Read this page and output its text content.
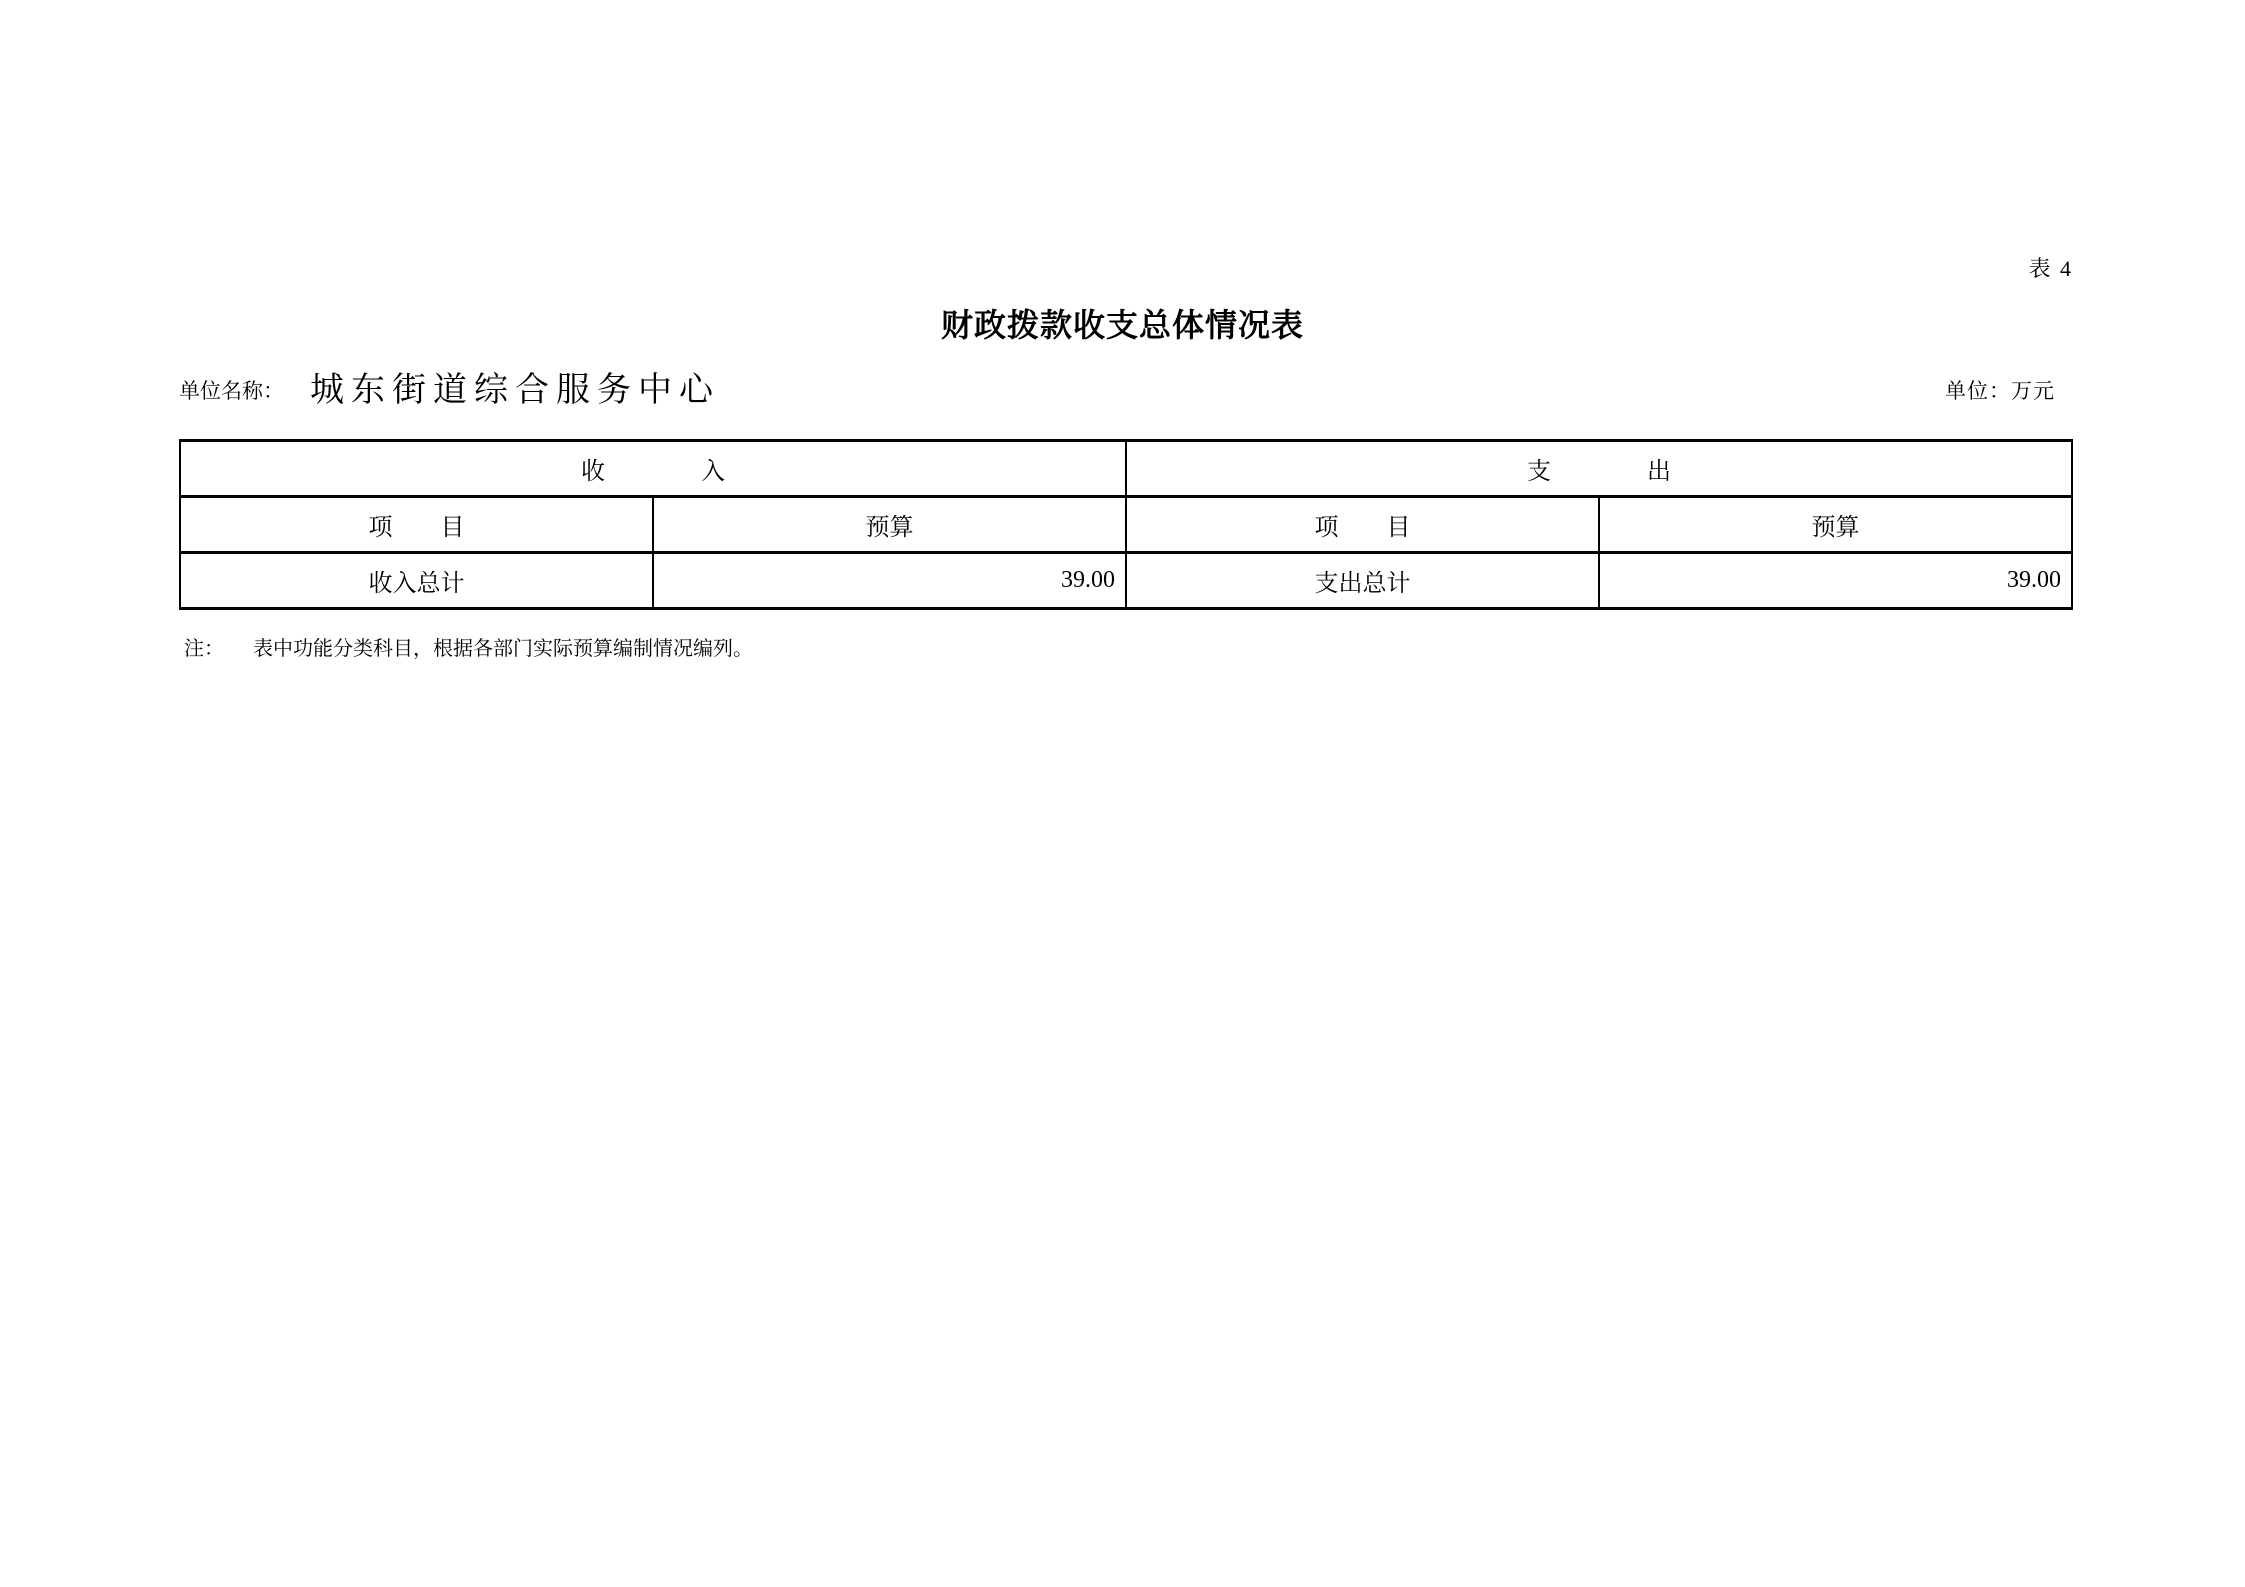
表 4
财政拨款收支总体情况表
单位名称： 城东街道综合服务中心	单位：万元
收　　　　入		支　　　　出	
项　　目	预算	项　　目	预算
收入总计	39.00	支出总计	39.00
注： 表中功能分类科目，根据各部门实际预算编制情况编列。
